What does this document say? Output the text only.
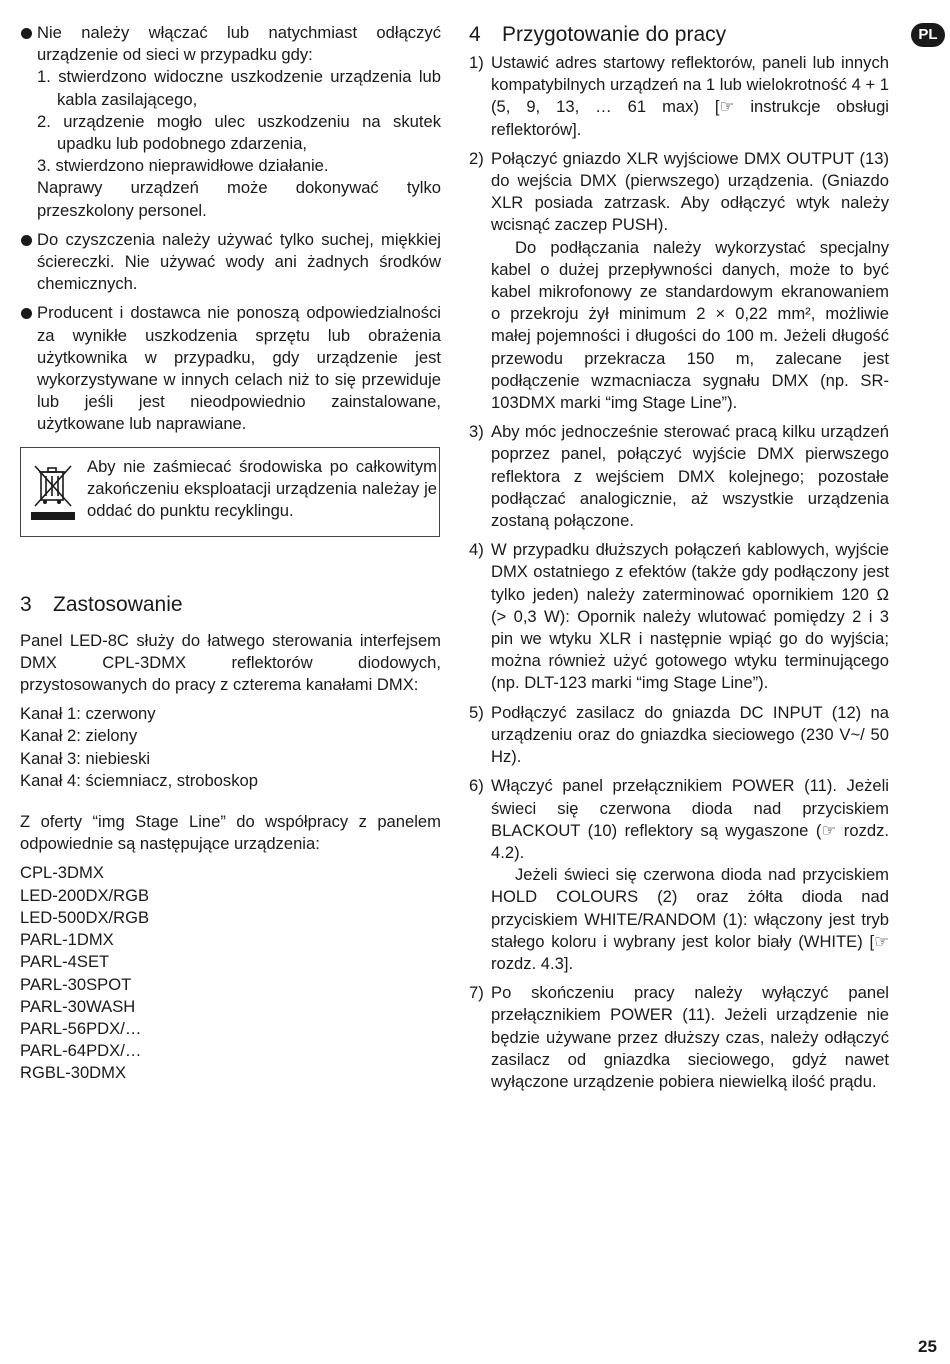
Nie należy włączać lub natychmiast odłączyć urządzenie od sieci w przypadku gdy:

1. stwierdzono widoczne uszkodzenie urządzenia lub kabla zasilającego,

2. urządzenie mogło ulec uszkodzeniu na skutek upadku lub podobnego zdarzenia,

3. stwierdzono nieprawidłowe działanie.

Naprawy urządzeń może dokonywać tylko przeszkolony personel.

Do czyszczenia należy używać tylko suchej, miękkiej ściereczki. Nie używać wody ani żadnych środków chemicznych.

Producent i dostawca nie ponoszą odpowiedzialności za wynikłe uszkodzenia sprzętu lub obrażenia użytkownika w przypadku, gdy urządzenie jest wykorzystywane w innych celach niż to się przewiduje lub jeśli jest nieodpowiednio zainstalowane, użytkowane lub naprawiane.

Aby nie zaśmiecać środowiska po całkowitym zakończeniu eksploatacji urządzenia należay je oddać do punktu recyklingu.

3 Zastosowanie

Panel LED-8C służy do łatwego sterowania interfejsem DMX CPL-3DMX reflektorów diodowych, przystosowanych do pracy z czterema kanałami DMX:

Kanał 1: czerwony
Kanał 2: zielony
Kanał 3: niebieski
Kanał 4: ściemniacz, stroboskop

Z oferty “img Stage Line” do współpracy z panelem odpowiednie są następujące urządzenia:

CPL-3DMX
LED-200DX/RGB
LED-500DX/RGB
PARL-1DMX
PARL-4SET
PARL-30SPOT
PARL-30WASH
PARL-56PDX/…
PARL-64PDX/…
RGBL-30DMX
4 Przygotowanie do pracy
1) Ustawić adres startowy reflektorów, paneli lub innych kompatybilnych urządzeń na 1 lub wielokrotność 4 + 1 (5, 9, 13, … 61 max) [☞ instrukcje obsługi reflektorów].

2) Połączyć gniazdo XLR wyjściowe DMX OUTPUT (13) do wejścia DMX (pierwszego) urządzenia. (Gniazdo XLR posiada zatrzask. Aby odłączyć wtyk należy wcisnąć zaczep PUSH).

Do podłączania należy wykorzystać specjalny kabel o dużej przepływności danych, może to być kabel mikrofonowy ze standardowym ekranowaniem o przekroju żył minimum 2 × 0,22 mm², możliwie małej pojemności i długości do 100 m. Jeżeli długość przewodu przekracza 150 m, zalecane jest podłączenie wzmacniacza sygnału DMX (np. SR-103DMX marki “img Stage Line”).

3) Aby móc jednocześnie sterować pracą kilku urządzeń poprzez panel, połączyć wyjście DMX pierwszego reflektora z wejściem DMX kolejnego; pozostałe podłączać analogicznie, aż wszystkie urządzenia zostaną połączone.

4) W przypadku dłuższych połączeń kablowych, wyjście DMX ostatniego z efektów (także gdy podłączony jest tylko jeden) należy zaterminować opornikiem 120 Ω (> 0,3 W): Opornik należy wlutować pomiędzy 2 i 3 pin we wtyku XLR i następnie wpiąć go do wyjścia; można również użyć gotowego wtyku terminującego (np. DLT-123 marki “img Stage Line”).

5) Podłączyć zasilacz do gniazda DC INPUT (12) na urządzeniu oraz do gniazdka sieciowego (230 V~/ 50 Hz).

6) Włączyć panel przełącznikiem POWER (11). Jeżeli świeci się czerwona dioda nad przyciskiem BLACKOUT (10) reflektory są wygaszone (☞ rozdz. 4.2).

Jeżeli świeci się czerwona dioda nad przyciskiem HOLD COLOURS (2) oraz żółta dioda nad przyciskiem WHITE/RANDOM (1): włączony jest tryb stałego koloru i wybrany jest kolor biały (WHITE) [☞ rozdz. 4.3].

7) Po skończeniu pracy należy wyłączyć panel przełącznikiem POWER (11). Jeżeli urządzenie nie będzie używane przez dłuższy czas, należy odłączyć zasilacz od gniazdka sieciowego, gdyż nawet wyłączone urządzenie pobiera niewielką ilość prądu.

PL
25
